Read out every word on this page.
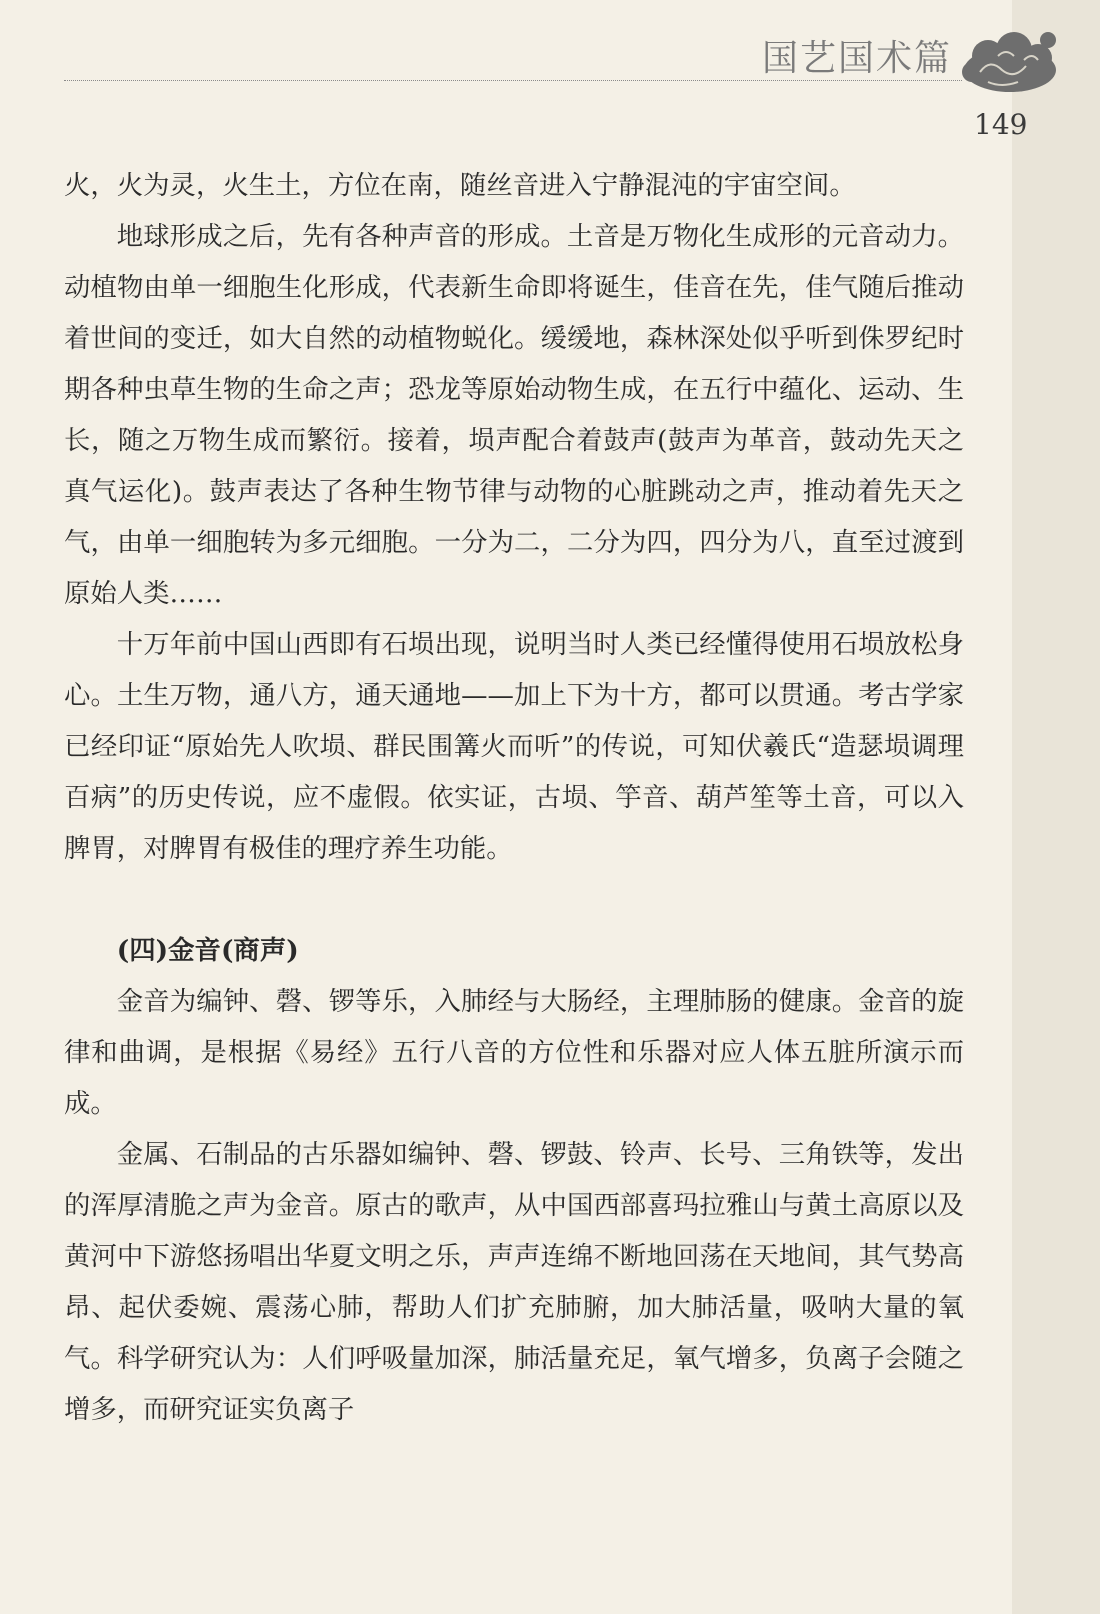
国艺国术篇
149

火，火为灵，火生土，方位在南，随丝音进入宁静混沌的宇宙空间。

地球形成之后，先有各种声音的形成。土音是万物化生成形的元音动力。动植物由单一细胞生化形成，代表新生命即将诞生，佳音在先，佳气随后推动着世间的变迁，如大自然的动植物蜕化。缓缓地，森林深处似乎听到侏罗纪时期各种虫草生物的生命之声；恐龙等原始动物生成，在五行中蕴化、运动、生长，随之万物生成而繁衍。接着，埙声配合着鼓声(鼓声为革音，鼓动先天之真气运化)。鼓声表达了各种生物节律与动物的心脏跳动之声，推动着先天之气，由单一细胞转为多元细胞。一分为二，二分为四，四分为八，直至过渡到原始人类……

十万年前中国山西即有石埙出现，说明当时人类已经懂得使用石埙放松身心。土生万物，通八方，通天通地——加上下为十方，都可以贯通。考古学家已经印证“原始先人吹埙、群民围篝火而听”的传说，可知伏羲氏“造瑟埙调理百病”的历史传说，应不虚假。依实证，古埙、竽音、葫芦笙等土音，可以入脾胃，对脾胃有极佳的理疗养生功能。

(四)金音(商声)

金音为编钟、磬、锣等乐，入肺经与大肠经，主理肺肠的健康。金音的旋律和曲调，是根据《易经》五行八音的方位性和乐器对应人体五脏所演示而成。

金属、石制品的古乐器如编钟、磬、锣鼓、铃声、长号、三角铁等，发出的浑厚清脆之声为金音。原古的歌声，从中国西部喜玛拉雅山与黄土高原以及黄河中下游悠扬唱出华夏文明之乐，声声连绵不断地回荡在天地间，其气势高昂、起伏委婉、震荡心肺，帮助人们扩充肺腑，加大肺活量，吸呐大量的氧气。科学研究认为：人们呼吸量加深，肺活量充足，氧气增多，负离子会随之增多，而研究证实负离子
